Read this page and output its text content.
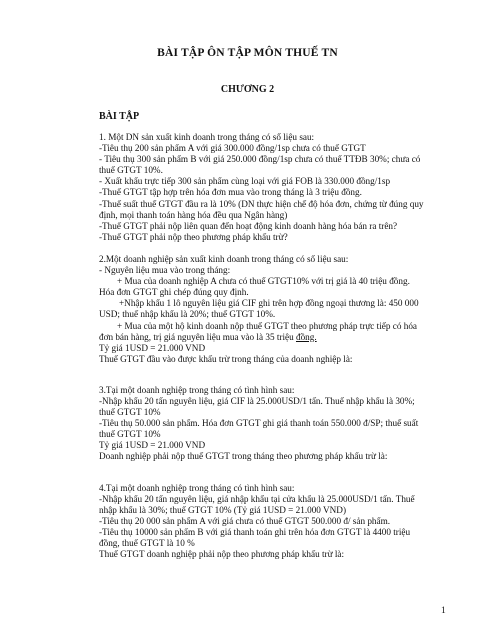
BÀI TẬP ÔN TẬP MÔN THUẾ TN
CHƯƠNG 2
BÀI TẬP
1. Một DN sản xuất kinh doanh trong tháng có số liệu sau:
-Tiêu thụ 200 sản phẩm A với giá 300.000 đồng/1sp chưa có thuế GTGT
- Tiêu thụ 300 sản phẩm B với giá 250.000 đồng/1sp chưa có thuế TTĐB 30%; chưa có
thuế GTGT 10%.
- Xuất khẩu trực tiếp 300 sản phẩm cùng loại với giá FOB là 330.000 đồng/1sp
-Thuế GTGT tập hợp trên hóa đơn mua vào trong tháng là 3 triệu đồng.
-Thuế suất thuế GTGT đầu ra là 10% (DN thực hiện chế độ hóa đơn, chứng từ đúng quy
định, mọi thanh toán hàng hóa đều qua Ngân hàng)
-Thuế GTGT phải nộp liên quan đến hoạt động kinh doanh hàng hóa bán ra trên?
-Thuế GTGT phải nộp theo phương pháp khấu trừ?
2.Một doanh nghiệp sản xuất kinh doanh trong tháng có số liệu sau:
- Nguyên liệu mua vào trong tháng:
+ Mua của doanh nghiệp A chưa có thuế GTGT10% với trị giá là 40 triệu đồng.
Hóa đơn GTGT ghi chép đúng quy định.
+Nhập khẩu 1 lô nguyên liệu giá CIF ghi trên hợp đồng ngoại thương là: 450 000
USD; thuế nhập khẩu là 20%; thuế GTGT 10%.
+ Mua của một hộ kinh doanh nộp thuế GTGT theo phương pháp trực tiếp có hóa
đơn bán hàng, trị giá nguyên liệu mua vào là 35 triệu đồng.
Tỷ giá 1USD = 21.000 VND
Thuế GTGT đầu vào được khấu trừ trong tháng của doanh nghiệp là:
3.Tại một doanh nghiệp trong tháng có tình hình sau:
-Nhập khẩu 20 tấn nguyên liệu, giá CIF là 25.000USD/1 tấn. Thuế nhập khẩu là 30%;
thuế GTGT 10%
-Tiêu thụ 50.000 sản phẩm. Hóa đơn GTGT ghi giá thanh toán 550.000 đ/SP; thuế suất
thuế GTGT 10%
Tỷ giá 1USD = 21.000 VND
Doanh nghiệp phải nộp thuế GTGT trong tháng theo phương pháp khấu trừ là:
4.Tại một doanh nghiệp trong tháng có tình hình sau:
-Nhập khẩu 20 tấn nguyên liệu, giá nhập khẩu tại cửa khẩu là 25.000USD/1 tấn. Thuế
nhập khẩu là 30%; thuế GTGT 10% (Tỷ giá 1USD = 21.000 VND)
-Tiêu thụ 20 000 sản phẩm A với giá chưa có thuế GTGT 500.000 đ/ sản phẩm.
-Tiêu thụ 10000 sản phẩm B với giá thanh toán ghi trên hóa đơn GTGT là 4400 triệu
đồng, thuế GTGT là 10 %
Thuế GTGT doanh nghiệp phải nộp theo phương pháp khấu trừ là:
1
